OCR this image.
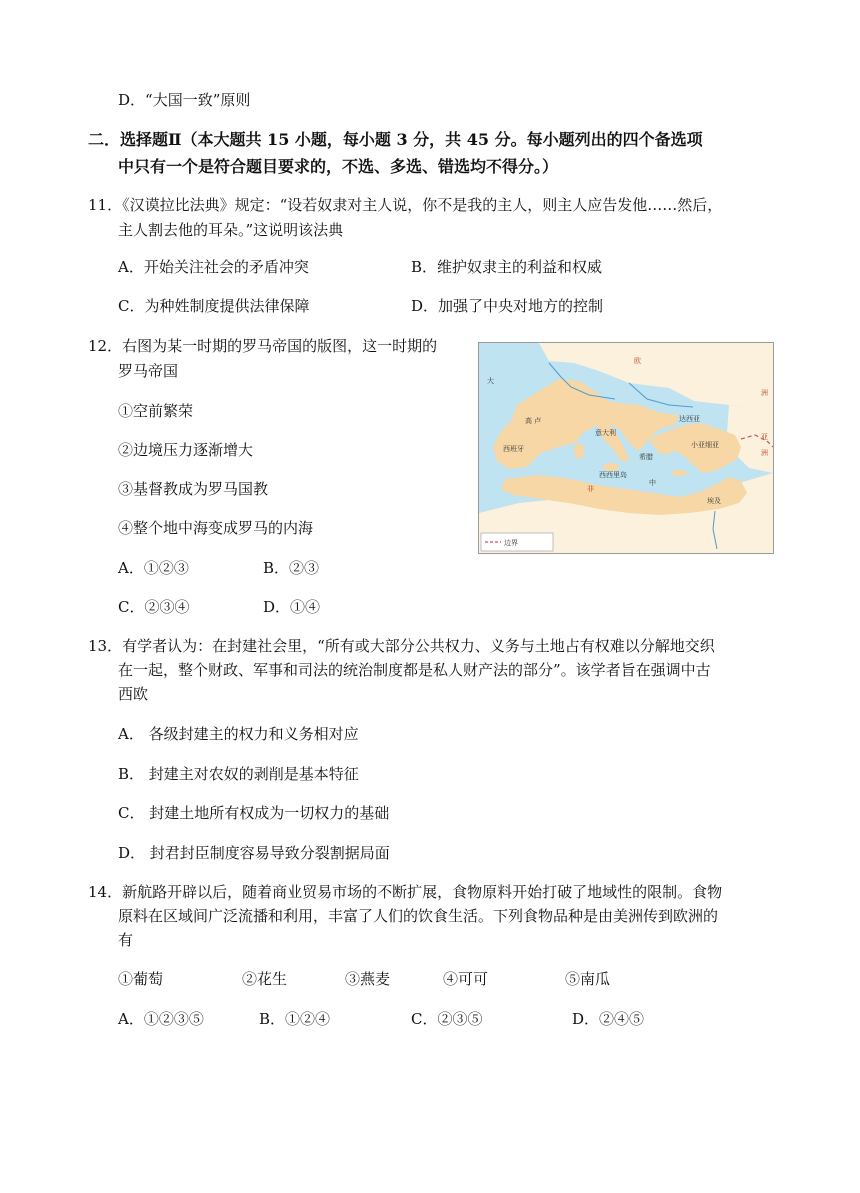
D．“大国一致”原则
二．选择题Ⅱ（本大题共 15 小题，每小题 3 分，共 45 分。每小题列出的四个备选项
中只有一个是符合题目要求的，不选、多选、错选均不得分。）
11．《汉谟拉比法典》规定：“设若奴隶对主人说，你不是我的主人，则主人应告发他……然后，
主人割去他的耳朵。”这说明该法典
A．开始关注社会的矛盾冲突	B．维护奴隶主的利益和权威
C．为种姓制度提供法律保障	D．加强了中央对地方的控制
12．右图为某一时期的罗马帝国的版图，这一时期的
罗马帝国
①空前繁荣
②边境压力逐渐增大
③基督教成为罗马国教
④整个地中海变成罗马的内海
A．①②③	B．②③
C．②③④	D．①④
边界
欧
洲
高 卢	达西亚
小亚细亚
亚
洲
大
西班牙
意大利
希腊
西西里岛
非
中
埃及
13．有学者认为：在封建社会里，“所有或大部分公共权力、义务与土地占有权难以分解地交织
在一起，整个财政、军事和司法的统治制度都是私人财产法的部分”。该学者旨在强调中古
西欧
A． 各级封建主的权力和义务相对应
B． 封建主对农奴的剥削是基本特征
C． 封建土地所有权成为一切权力的基础
D． 封君封臣制度容易导致分裂割据局面
14．新航路开辟以后，随着商业贸易市场的不断扩展，食物原料开始打破了地域性的限制。食物
原料在区域间广泛流播和利用，丰富了人们的饮食生活。下列食物品种是由美洲传到欧洲的
有
①葡萄	②花生	③燕麦	④可可	⑤南瓜
A．①②③⑤	B．①②④	C．②③⑤	D．②④⑤
